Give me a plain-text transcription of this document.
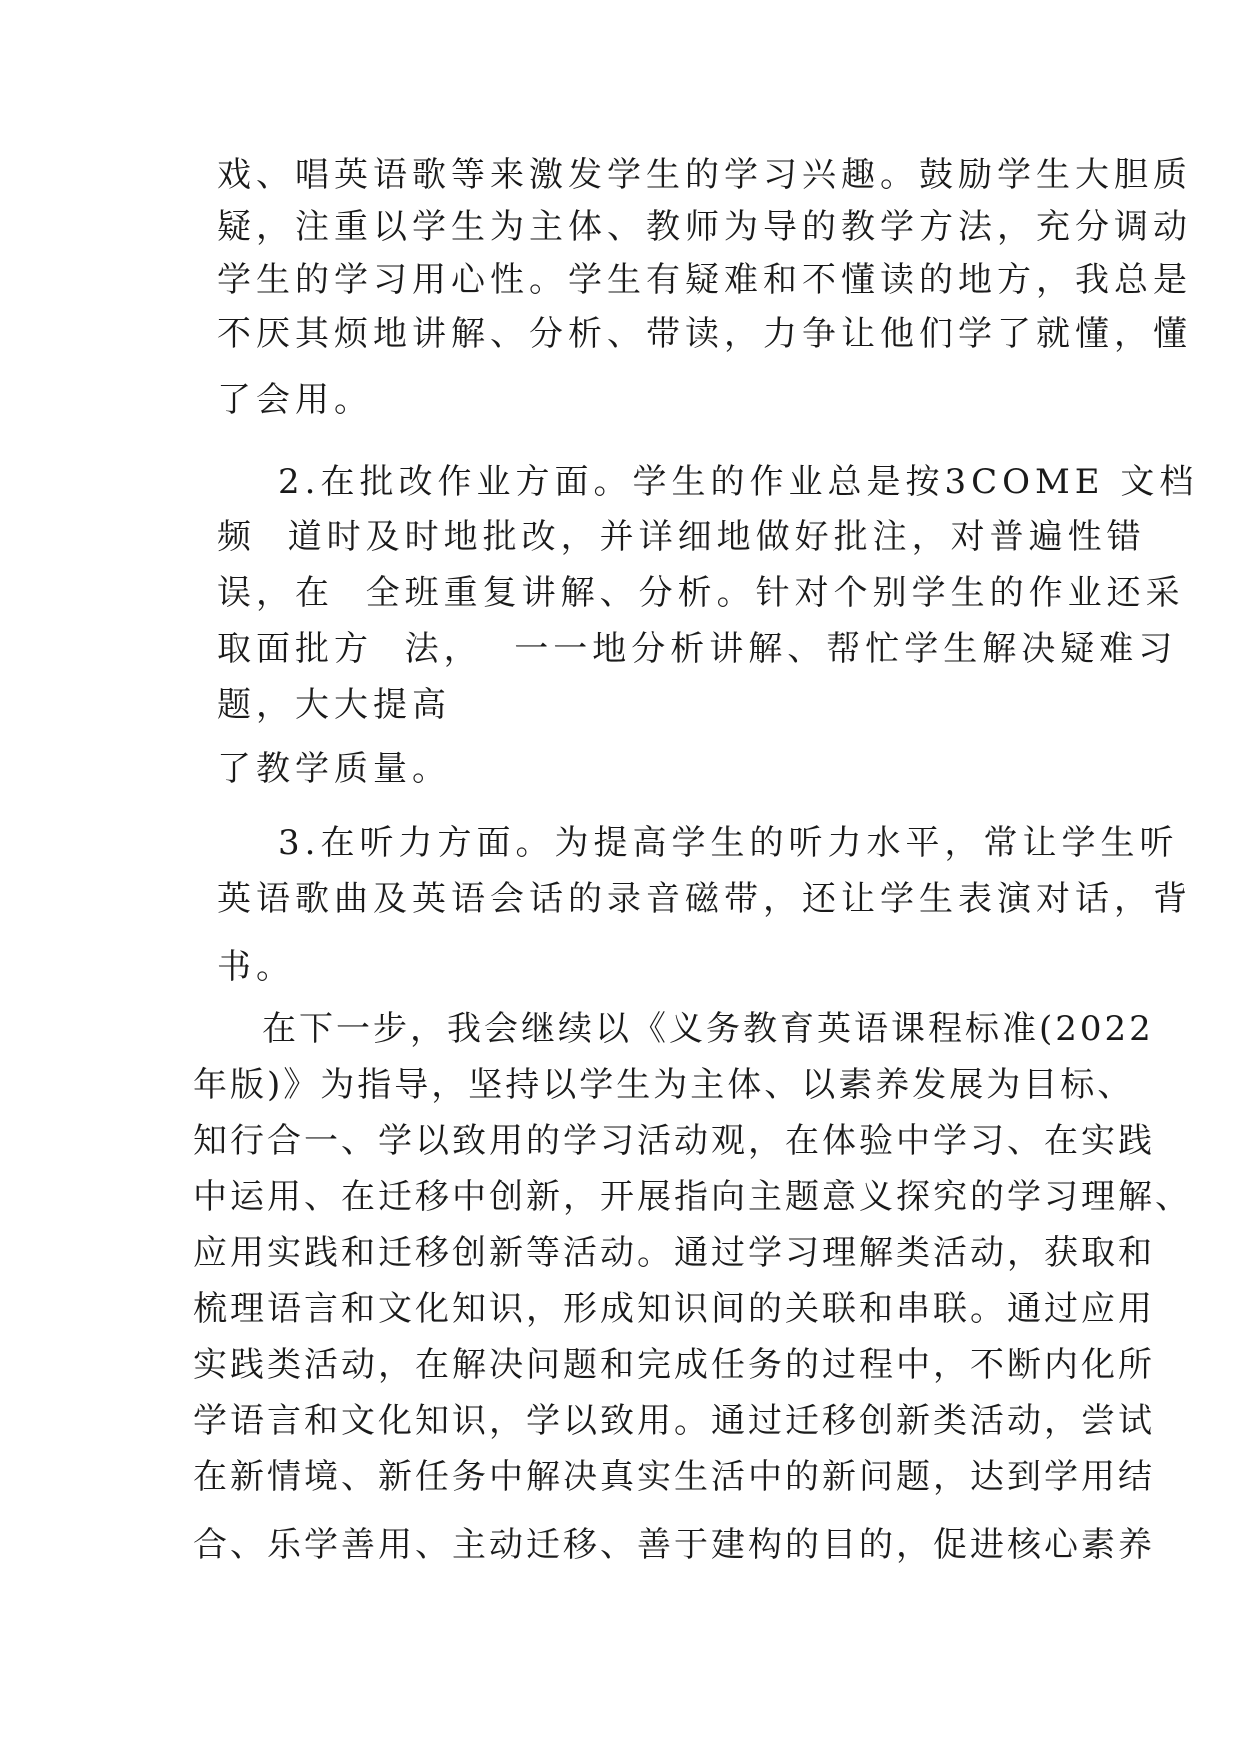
戏、唱英语歌等来激发学生的学习兴趣。鼓励学生大胆质
疑，注重以学生为主体、教师为导的教学方法，充分调动
学生的学习用心性。学生有疑难和不懂读的地方，我总是
不厌其烦地讲解、分析、带读，力争让他们学了就懂，懂
了会用。
2.在批改作业方面。学生的作业总是按3COME 文档
频  道时及时地批改，并详细地做好批注，对普遍性错
误，在  全班重复讲解、分析。针对个别学生的作业还采
取面批方  法，  一一地分析讲解、帮忙学生解决疑难习
题，大大提高
了教学质量。
3.在听力方面。为提高学生的听力水平，常让学生听
英语歌曲及英语会话的录音磁带，还让学生表演对话，背
书。
在下一步，我会继续以《义务教育英语课程标准(2022
年版)》为指导，坚持以学生为主体、以素养发展为目标、
知行合一、学以致用的学习活动观，在体验中学习、在实践
中运用、在迁移中创新，开展指向主题意义探究的学习理解、
应用实践和迁移创新等活动。通过学习理解类活动，获取和
梳理语言和文化知识，形成知识间的关联和串联。通过应用
实践类活动，在解决问题和完成任务的过程中，不断内化所
学语言和文化知识，学以致用。通过迁移创新类活动，尝试
在新情境、新任务中解决真实生活中的新问题，达到学用结
合、乐学善用、主动迁移、善于建构的目的，促进核心素养
